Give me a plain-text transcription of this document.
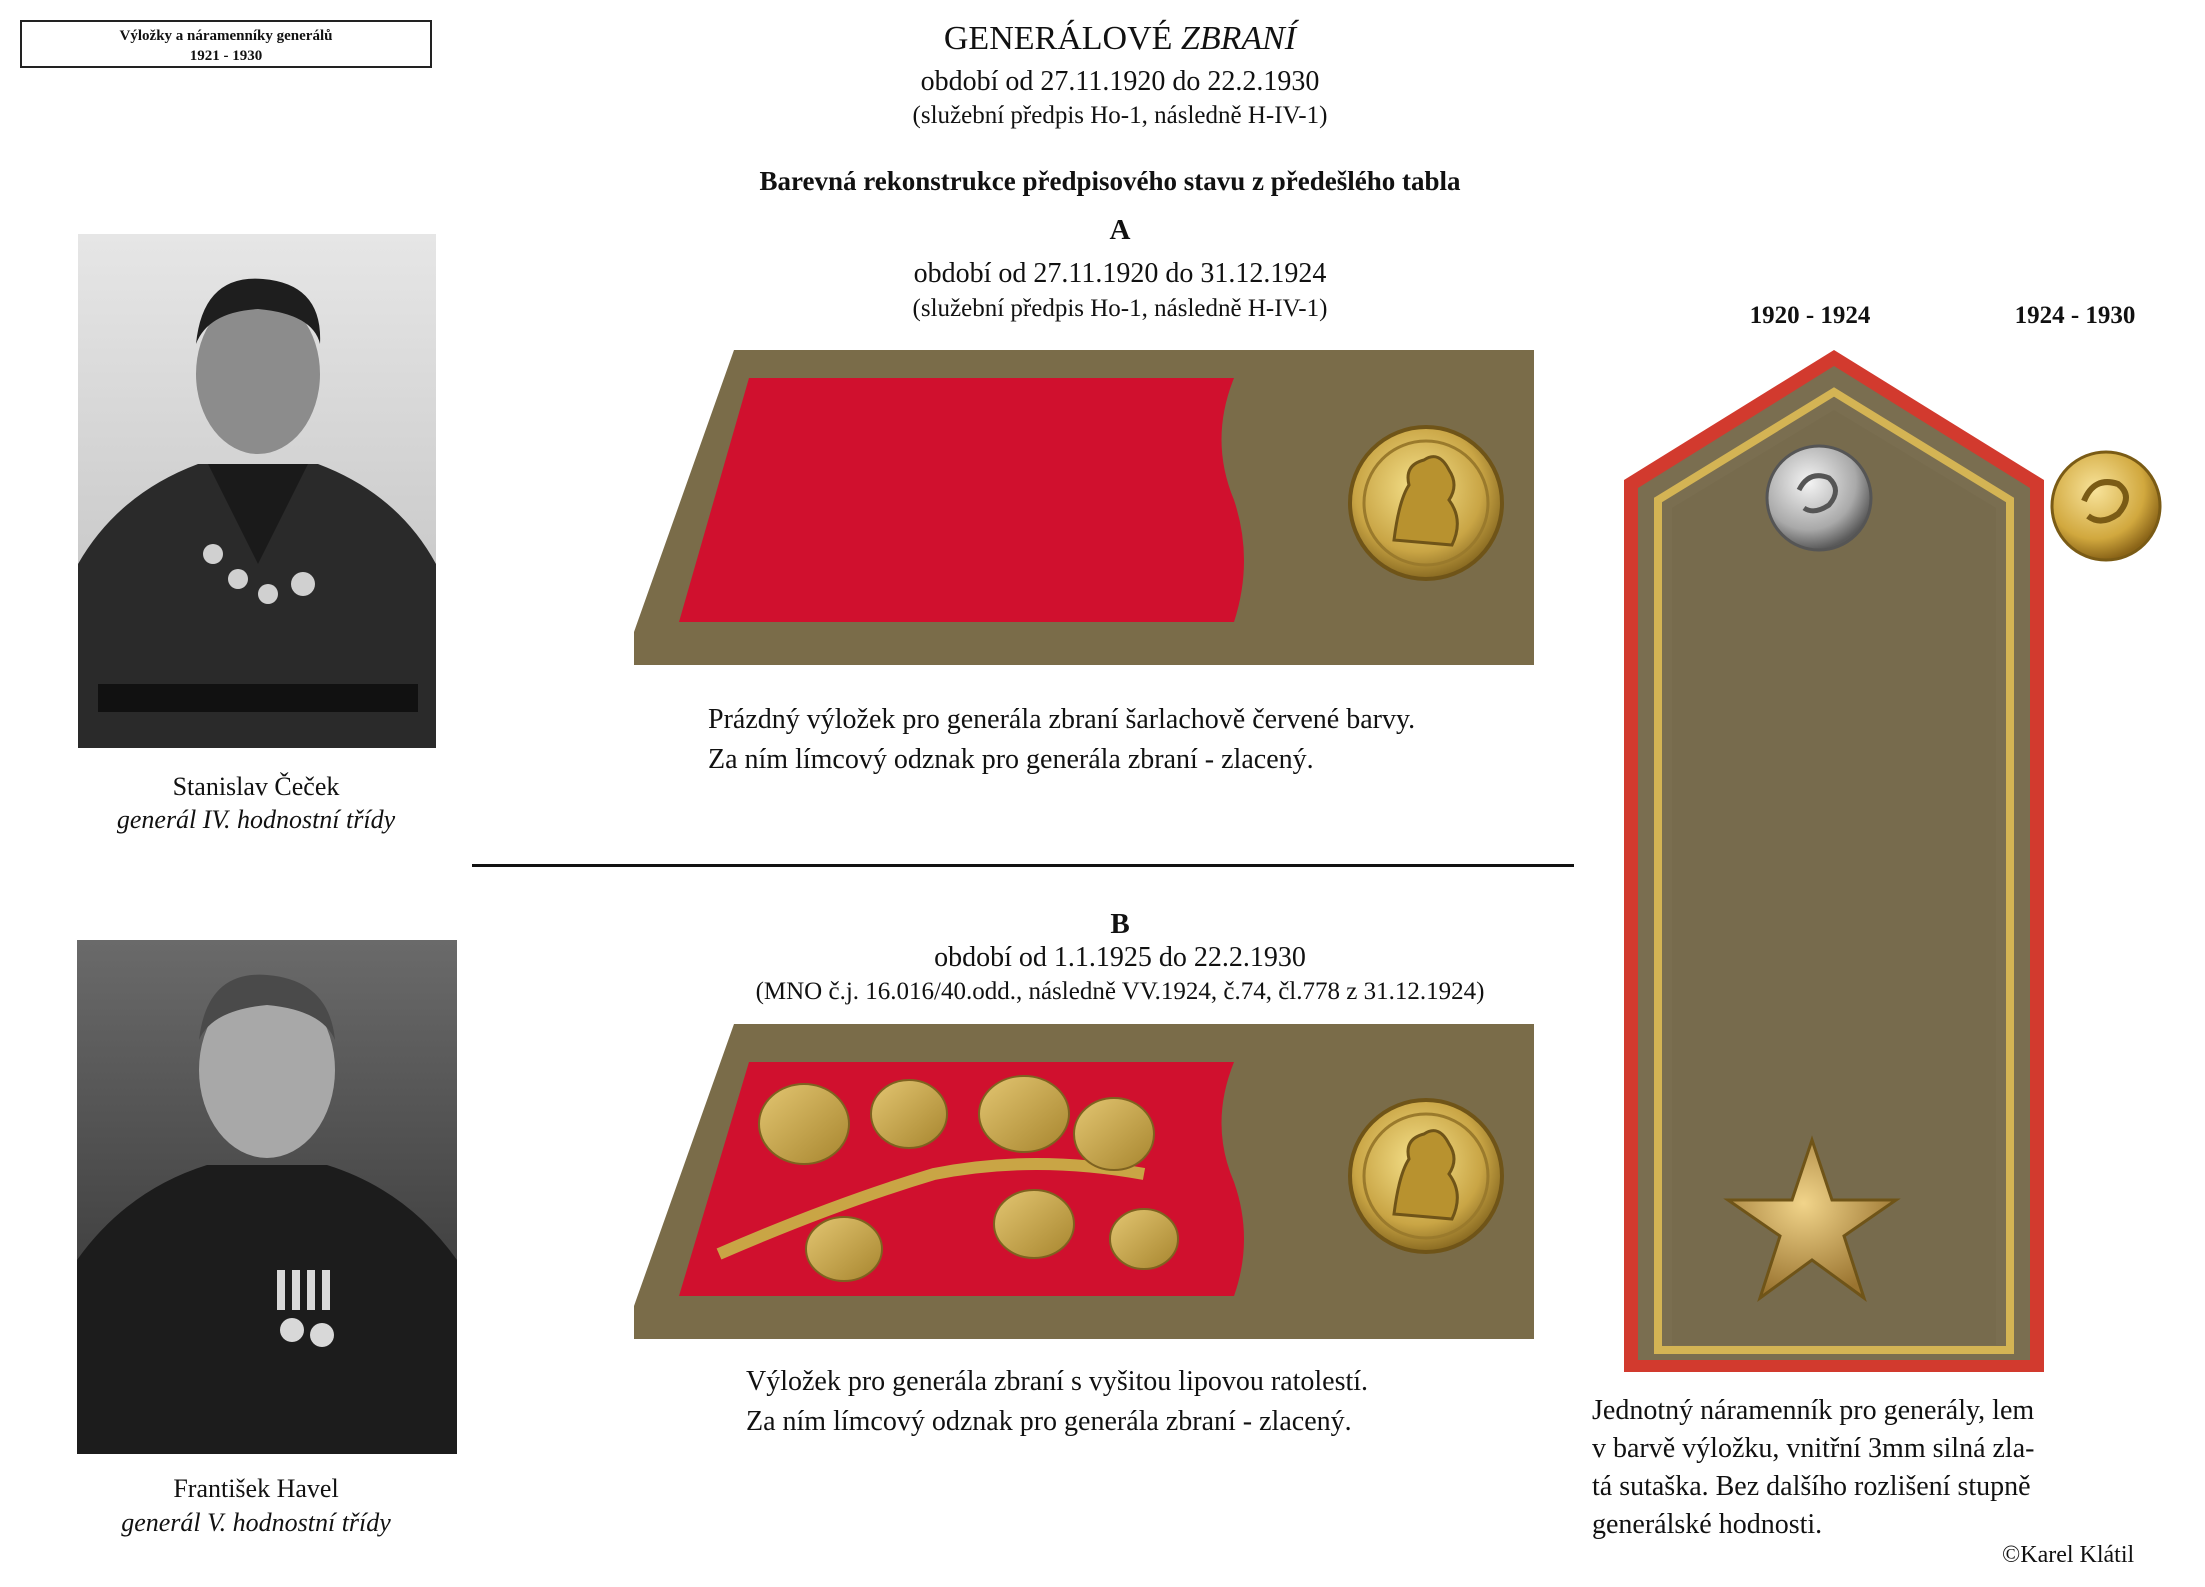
Výložky a náramenníky generálů
1921 - 1930	GENERÁLOVÉ ZBRANÍ
období od 27.11.1920 do 22.2.1930
(služební předpis Ho-1, následně H-IV-1)
Barevná rekonstrukce předpisového stavu z předešlého tabla
A
období od 27.11.1920 do 31.12.1924
(služební předpis Ho-1, následně H-IV-1)
Stanislav Čeček
generál IV. hodnostní třídy
František Havel
generál V. hodnostní třídy
Prázdný výložek pro generála zbraní šarlachově červené barvy.
Za ním límcový odznak pro generála zbraní - zlacený.
B
období od 1.1.1925 do 22.2.1930
(MNO č.j. 16.016/40.odd., následně VV.1924, č.74, čl.778 z 31.12.1924)
Výložek pro generála zbraní s vyšitou lipovou ratolestí.
Za ním límcový odznak pro generála zbraní - zlacený.
1920 - 1924	1924 - 1930
Jednotný náramenník pro generály, lem
v barvě výložku, vnitřní 3mm silná zla-
tá sutaška. Bez dalšího rozlišení stupně
generálské hodnosti.
©Karel Klátil
